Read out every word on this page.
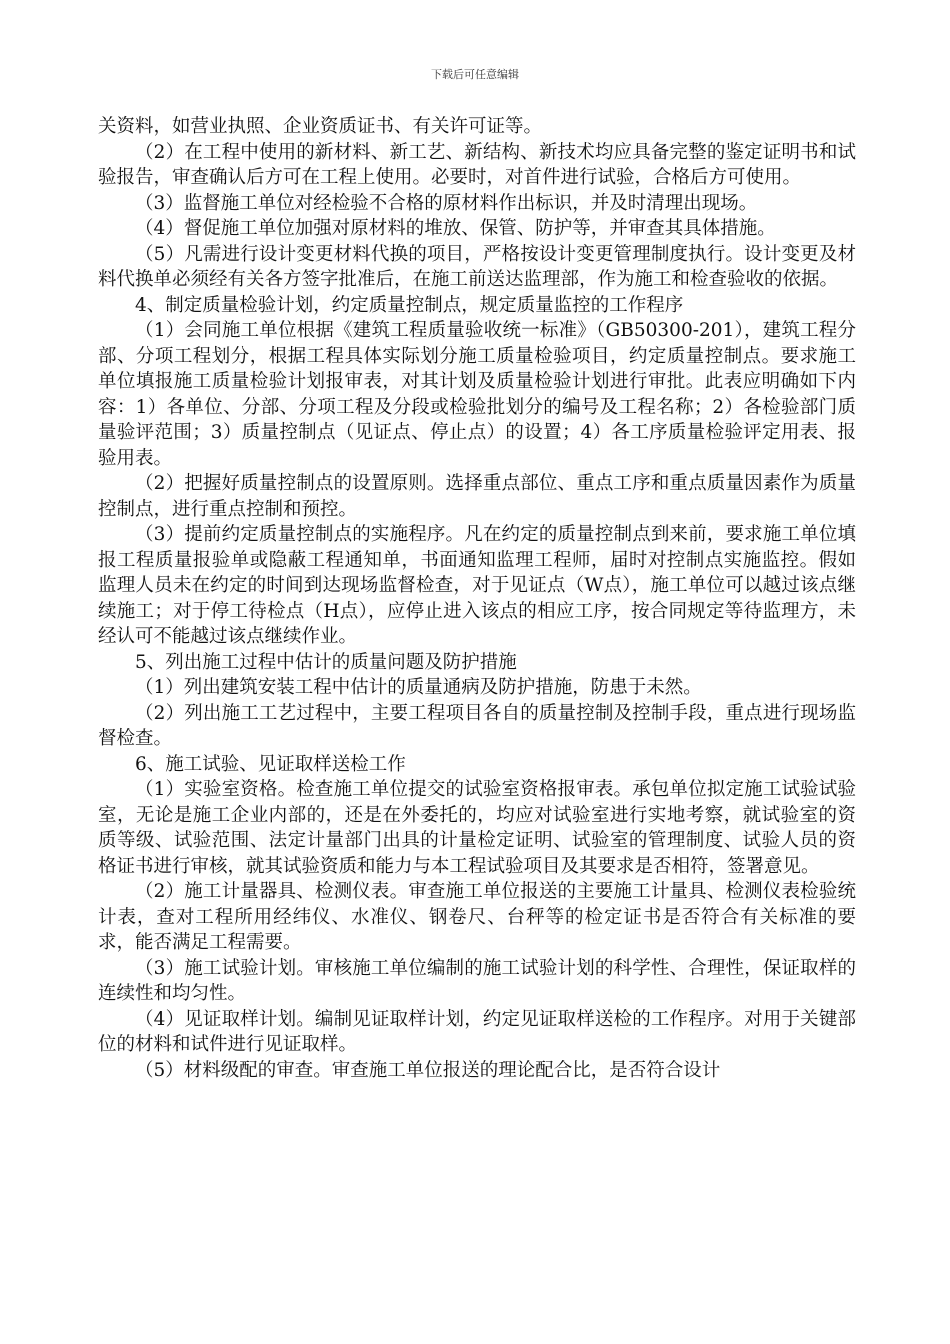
下载后可任意编辑

关资料，如营业执照、企业资质证书、有关许可证等。

（2）在工程中使用的新材料、新工艺、新结构、新技术均应具备完整的鉴定证明书和试验报告，审查确认后方可在工程上使用。必要时，对首件进行试验，合格后方可使用。

（3）监督施工单位对经检验不合格的原材料作出标识，并及时清理出现场。

（4）督促施工单位加强对原材料的堆放、保管、防护等，并审查其具体措施。

（5）凡需进行设计变更材料代换的项目，严格按设计变更管理制度执行。设计变更及材料代换单必须经有关各方签字批准后，在施工前送达监理部，作为施工和检查验收的依据。

4、制定质量检验计划，约定质量控制点，规定质量监控的工作程序

（1）会同施工单位根据《建筑工程质量验收统一标准》（GB50300-201），建筑工程分部、分项工程划分，根据工程具体实际划分施工质量检验项目，约定质量控制点。要求施工单位填报施工质量检验计划报审表，对其计划及质量检验计划进行审批。此表应明确如下内容：1）各单位、分部、分项工程及分段或检验批划分的编号及工程名称；2）各检验部门质量验评范围；3）质量控制点（见证点、停止点）的设置；4）各工序质量检验评定用表、报验用表。

（2）把握好质量控制点的设置原则。选择重点部位、重点工序和重点质量因素作为质量控制点，进行重点控制和预控。

（3）提前约定质量控制点的实施程序。凡在约定的质量控制点到来前，要求施工单位填报工程质量报验单或隐蔽工程通知单，书面通知监理工程师，届时对控制点实施监控。假如监理人员未在约定的时间到达现场监督检查，对于见证点（W点），施工单位可以越过该点继续施工；对于停工待检点（H点），应停止进入该点的相应工序，按合同规定等待监理方，未经认可不能越过该点继续作业。

5、列出施工过程中估计的质量问题及防护措施

（1）列出建筑安装工程中估计的质量通病及防护措施，防患于未然。

（2）列出施工工艺过程中，主要工程项目各自的质量控制及控制手段，重点进行现场监督检查。

6、施工试验、见证取样送检工作

（1）实验室资格。检查施工单位提交的试验室资格报审表。承包单位拟定施工试验试验室，无论是施工企业内部的，还是在外委托的，均应对试验室进行实地考察，就试验室的资质等级、试验范围、法定计量部门出具的计量检定证明、试验室的管理制度、试验人员的资格证书进行审核，就其试验资质和能力与本工程试验项目及其要求是否相符，签署意见。

（2）施工计量器具、检测仪表。审查施工单位报送的主要施工计量具、检测仪表检验统计表，查对工程所用经纬仪、水准仪、钢卷尺、台秤等的检定证书是否符合有关标准的要求，能否满足工程需要。

（3）施工试验计划。审核施工单位编制的施工试验计划的科学性、合理性，保证取样的连续性和均匀性。

（4）见证取样计划。编制见证取样计划，约定见证取样送检的工作程序。对用于关键部位的材料和试件进行见证取样。

（5）材料级配的审查。审查施工单位报送的理论配合比，是否符合设计
